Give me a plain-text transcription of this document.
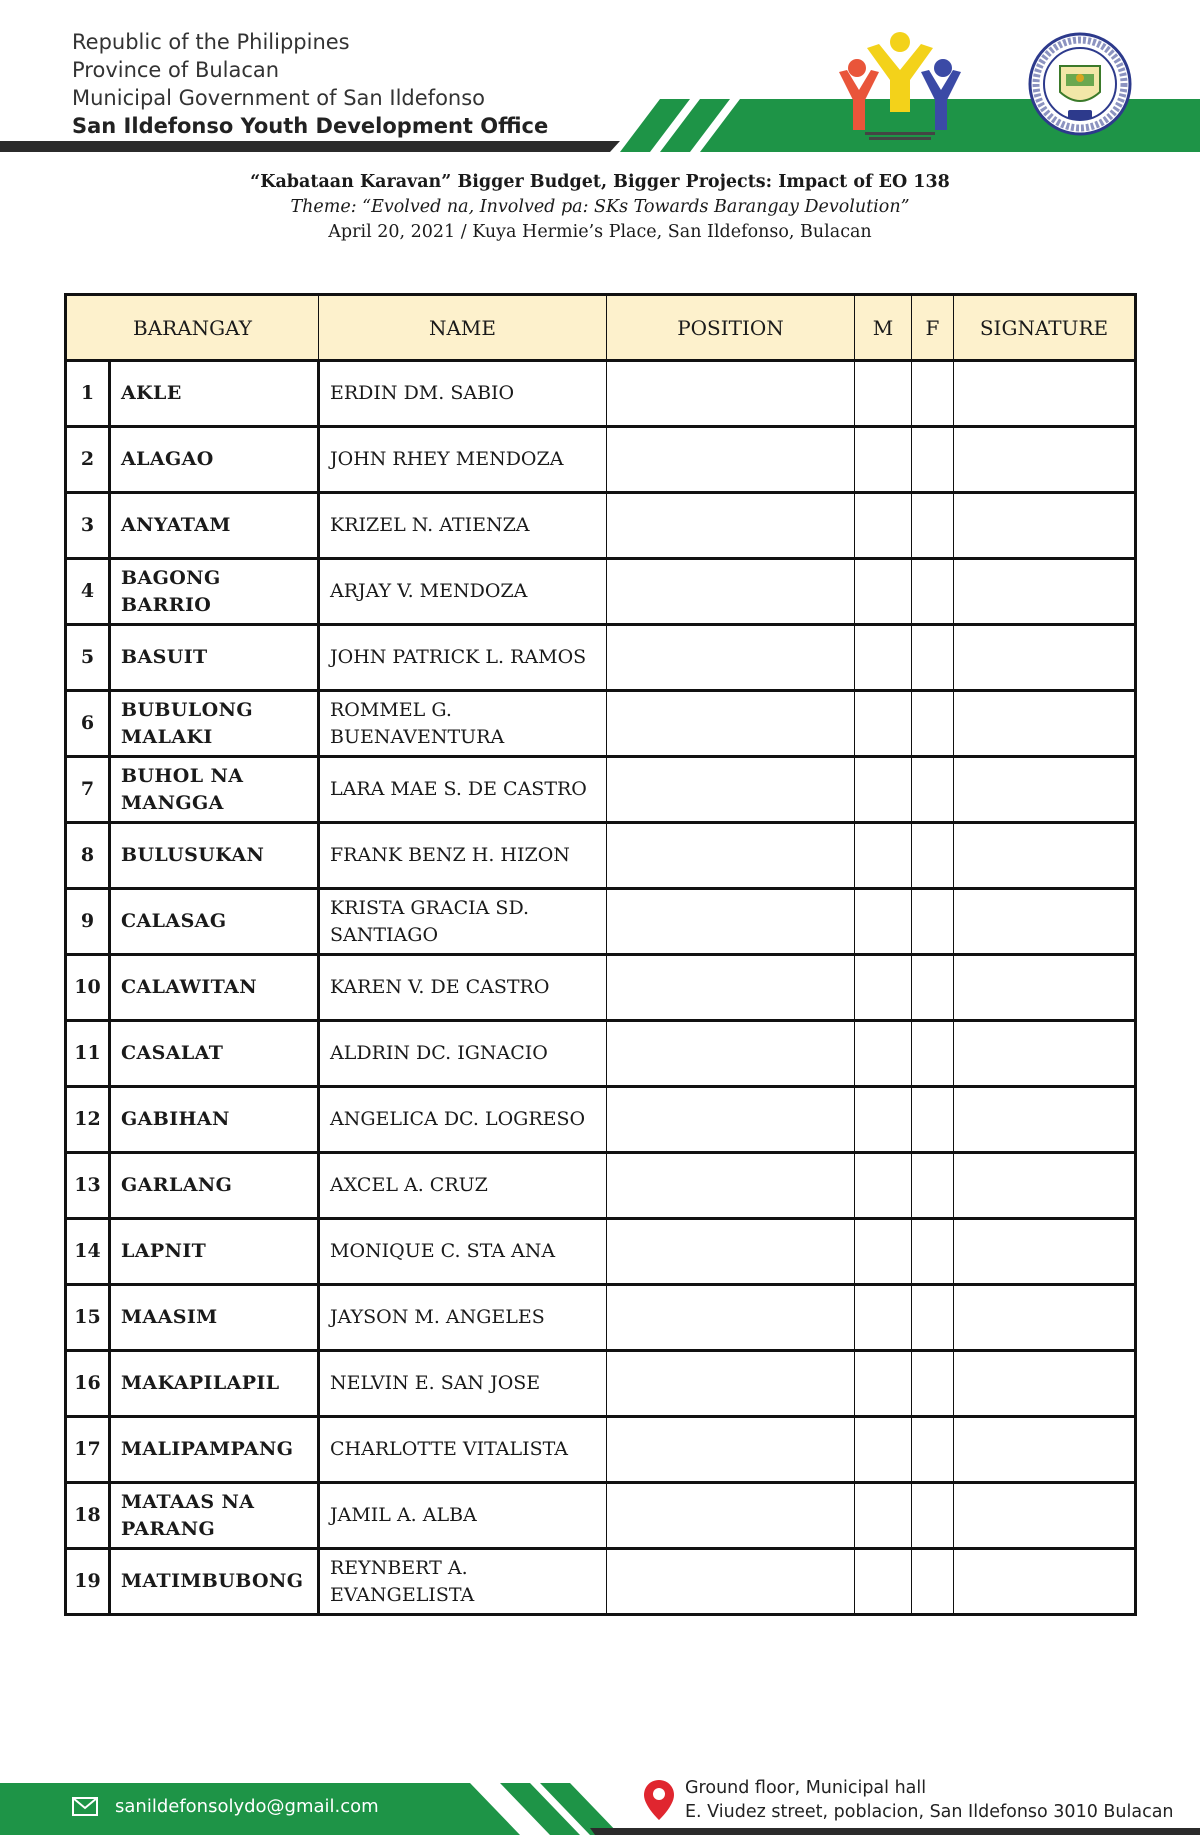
Republic of the Philippines
Province of Bulacan
Municipal Government of San Ildefonso
San Ildefonso Youth Development Office
“Kabataan Karavan” Bigger Budget, Bigger Projects: Impact of EO 138
Theme: “Evolved na, Involved pa: SKs Towards Barangay Devolution”
April 20, 2021 / Kuya Hermie’s Place, San Ildefonso, Bulacan
BARANGAY		NAME	POSITION	M	F	SIGNATURE
1	AKLE	ERDIN DM. SABIO				
2	ALAGAO	JOHN RHEY MENDOZA				
3	ANYATAM	KRIZEL N. ATIENZA				
4	BAGONG BARRIO	ARJAY V. MENDOZA				
5	BASUIT	JOHN PATRICK L. RAMOS				
6	BUBULONG MALAKI	ROMMEL G. BUENAVENTURA				
7	BUHOL NA MANGGA	LARA MAE S. DE CASTRO				
8	BULUSUKAN	FRANK BENZ H. HIZON				
9	CALASAG	KRISTA GRACIA SD. SANTIAGO				
10	CALAWITAN	KAREN V. DE CASTRO				
11	CASALAT	ALDRIN DC. IGNACIO				
12	GABIHAN	ANGELICA DC. LOGRESO				
13	GARLANG	AXCEL A. CRUZ				
14	LAPNIT	MONIQUE C. STA ANA				
15	MAASIM	JAYSON M. ANGELES				
16	MAKAPILAPIL	NELVIN E. SAN JOSE				
17	MALIPAMPANG	CHARLOTTE VITALISTA				
18	MATAAS NA PARANG	JAMIL A. ALBA				
19	MATIMBUBONG	REYNBERT A. EVANGELISTA				
sanildefonsolydo@gmail.com
Ground floor, Municipal hall
E. Viudez street, poblacion, San Ildefonso 3010 Bulacan
